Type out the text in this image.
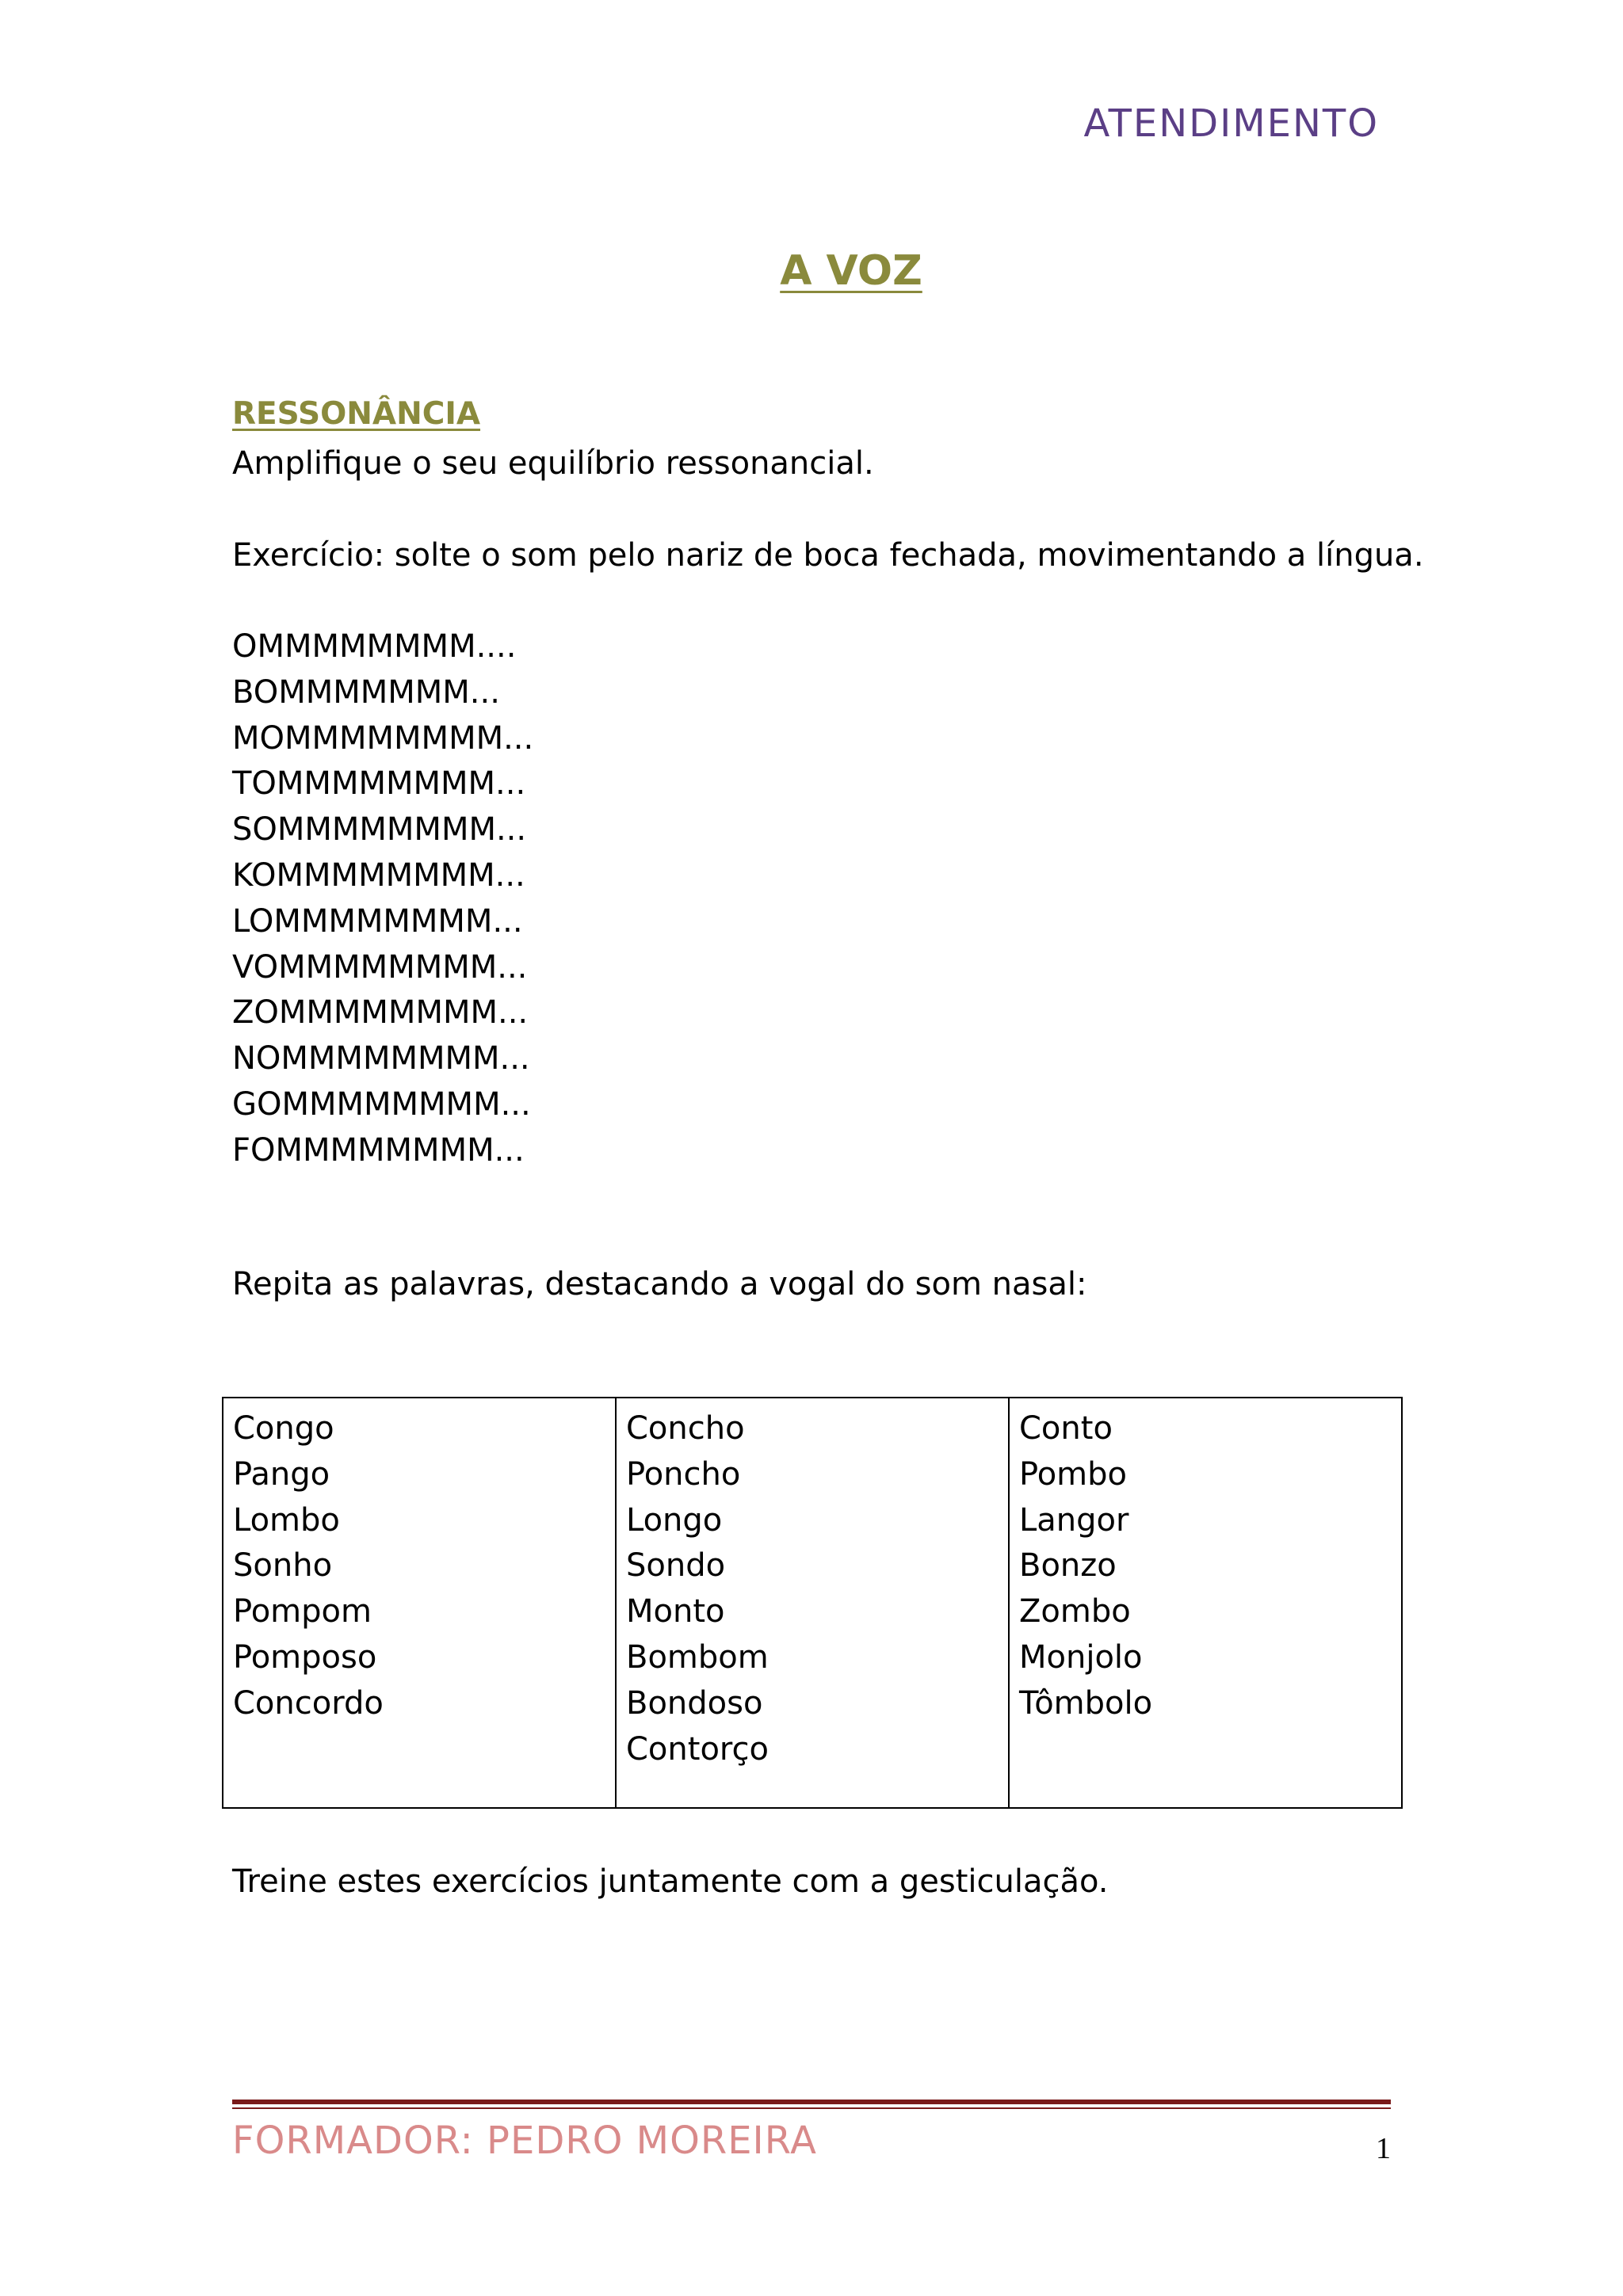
ATENDIMENTO
A VOZ
RESSONÂNCIA
Amplifique o seu equilíbrio ressonancial.
Exercício: solte o som pelo nariz de boca fechada, movimentando a língua.
OMMMMMMMM....
BOMMMMMMM...
MOMMMMMMMM...
TOMMMMMMMM...
SOMMMMMMMM...
KOMMMMMMMM...
LOMMMMMMMM...
VOMMMMMMMM...
ZOMMMMMMMM...
NOMMMMMMMM...
GOMMMMMMMM...
FOMMMMMMMM...
Repita as palavras, destacando a vogal do som nasal:
Congo
Pango
Lombo
Sonho
Pompom
Pomposo
Concordo

Concho
Poncho
Longo
Sondo
Monto
Bombom
Bondoso
Contorço

Conto
Pombo
Langor
Bonzo
Zombo
Monjolo
Tômbolo
Treine estes exercícios juntamente com a gesticulação.
FORMADOR: PEDRO MOREIRA	1
